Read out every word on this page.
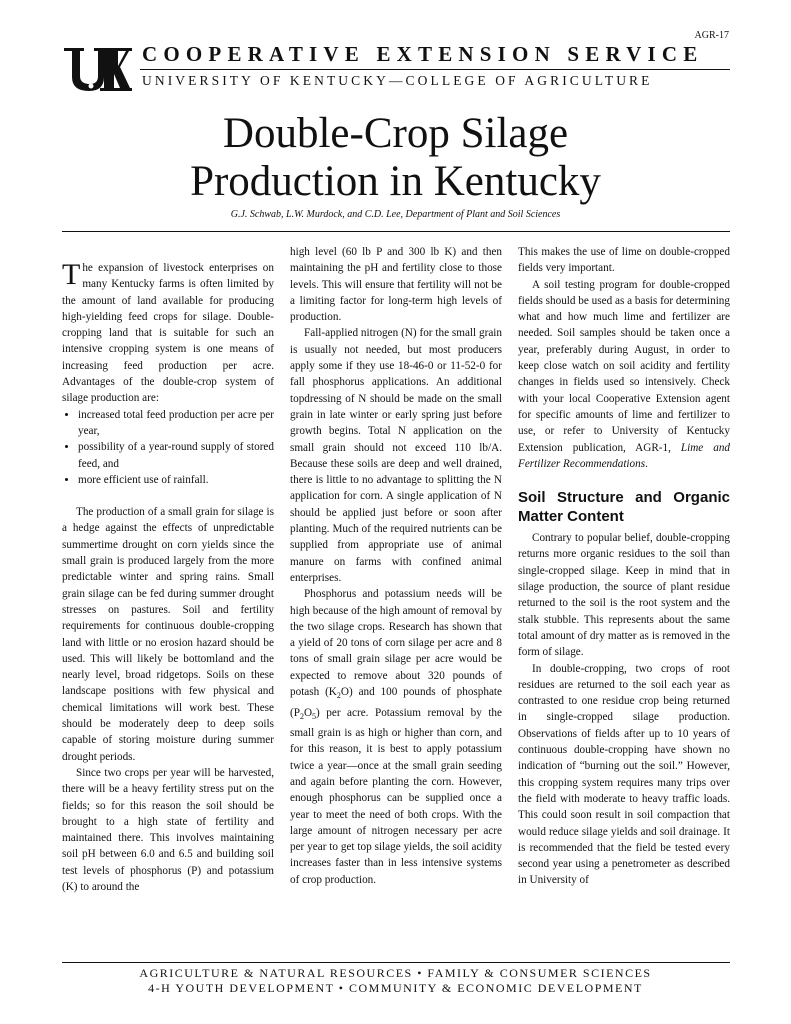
AGR-17
COOPERATIVE EXTENSION SERVICE
UNIVERSITY OF KENTUCKY—COLLEGE OF AGRICULTURE
Double-Crop Silage
Production in Kentucky
G.J. Schwab, L.W. Murdock, and C.D. Lee, Department of Plant and Soil Sciences

The expansion of livestock enterprises on many Kentucky farms is often limited by the amount of land available for producing high-yielding feed crops for silage. Double-cropping land that is suitable for such an intensive cropping system is one means of increasing feed production per acre. Advantages of the double-crop system of silage production are:

• increased total feed production per acre per year,
• possibility of a year-round supply of stored feed, and
• more efficient use of rainfall.

The production of a small grain for silage is a hedge against the effects of unpredictable summertime drought on corn yields since the small grain is produced largely from the more predictable winter and spring rains. Small grain silage can be fed during summer drought stresses on pastures. Soil and fertility requirements for continuous double-cropping land with little or no erosion hazard should be used. This will likely be bottomland and the nearly level, broad ridgetops. Soils on these landscape positions with few physical and chemical limitations will work best. These should be moderately deep to deep soils capable of storing moisture during summer drought periods.

Since two crops per year will be harvested, there will be a heavy fertility stress put on the fields; so for this reason the soil should be brought to a high state of fertility and maintained there. This involves maintaining soil pH between 6.0 and 6.5 and building soil test levels of phosphorus (P) and potassium (K) to around the

high level (60 lb P and 300 lb K) and then maintaining the pH and fertility close to those levels. This will ensure that fertility will not be a limiting factor for long-term high levels of production.

Fall-applied nitrogen (N) for the small grain is usually not needed, but most producers apply some if they use 18-46-0 or 11-52-0 for fall phosphorus applications. An additional topdressing of N should be made on the small grain in late winter or early spring just before growth begins. Total N application on the small grain should not exceed 110 lb/A. Because these soils are deep and well drained, there is little to no advantage to splitting the N application for corn. A single application of N should be applied just before or soon after planting. Much of the required nutrients can be supplied from appropriate use of animal manure on farms with confined animal enterprises.

Phosphorus and potassium needs will be high because of the high amount of removal by the two silage crops. Research has shown that a yield of 20 tons of corn silage per acre and 8 tons of small grain silage per acre would be expected to remove about 320 pounds of potash $(K_2O)$ and 100 pounds of phosphate $(P_2O_5)$ per acre. Potassium removal by the small grain is as high or higher than corn, and for this reason, it is best to apply potassium twice a year—once at the small grain seeding and again before planting the corn. However, enough phosphorus can be supplied once a year to meet the need of both crops. With the large amount of nitrogen necessary per acre per year to get top silage yields, the soil acidity increases faster than in less intensive systems of crop production.

This makes the use of lime on double-cropped fields very important.

A soil testing program for double-cropped fields should be used as a basis for determining what and how much lime and fertilizer are needed. Soil samples should be taken once a year, preferably during August, in order to keep close watch on soil acidity and fertility changes in fields used so intensively. Check with your local Cooperative Extension agent for specific amounts of lime and fertilizer to use, or refer to University of Kentucky Extension publication, AGR-1, Lime and Fertilizer Recommendations.

Soil Structure and Organic Matter Content

Contrary to popular belief, double-cropping returns more organic residues to the soil than single-cropped silage. Keep in mind that in silage production, the source of plant residue returned to the soil is the root system and the stalk stubble. This represents about the same total amount of dry matter as is removed in the form of silage.

In double-cropping, two crops of root residues are returned to the soil each year as contrasted to one residue crop being returned in single-cropped silage production. Observations of fields after up to 10 years of continuous double-cropping have shown no indication of “burning out the soil.” However, this cropping system requires many trips over the field with moderate to heavy traffic loads. This could soon result in soil compaction that would reduce silage yields and soil drainage. It is recommended that the field be tested every second year using a penetrometer as described in University of

AGRICULTURE & NATURAL RESOURCES • FAMILY & CONSUMER SCIENCES
4-H YOUTH DEVELOPMENT • COMMUNITY & ECONOMIC DEVELOPMENT
